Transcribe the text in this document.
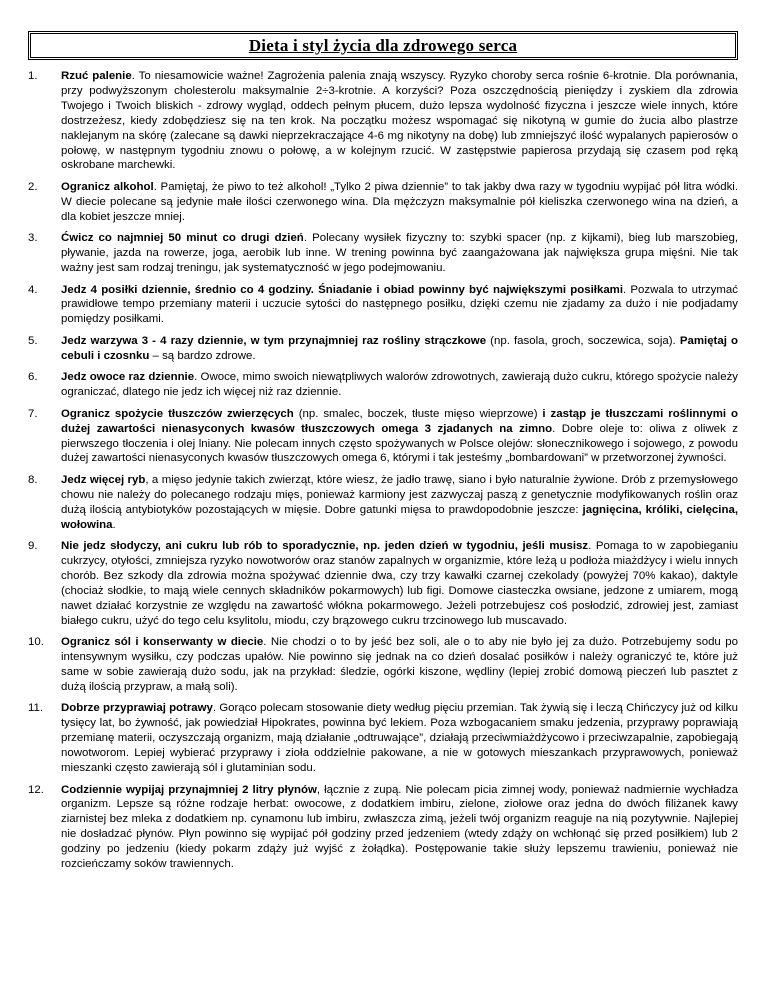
Dieta i styl życia dla zdrowego serca
1. Rzuć palenie. To niesamowicie ważne! Zagrożenia palenia znają wszyscy. Ryzyko choroby serca rośnie 6-krotnie. Dla porównania, przy podwyższonym cholesterolu maksymalnie 2÷3-krotnie. A korzyści? Poza oszczędnością pieniędzy i zyskiem dla zdrowia Twojego i Twoich bliskich - zdrowy wygląd, oddech pełnym płucem, dużo lepsza wydolność fizyczna i jeszcze wiele innych, które dostrzeżesz, kiedy zdobędziesz się na ten krok. Na początku możesz wspomagać się nikotyną w gumie do żucia albo plastrze naklejanym na skórę (zalecane są dawki nieprzekraczające 4-6 mg nikotyny na dobę) lub zmniejszyć ilość wypalanych papierosów o połowę, w następnym tygodniu znowu o połowę, a w kolejnym rzucić. W zastępstwie papierosa przydają się czasem pod ręką oskrobane marchewki.
2. Ogranicz alkohol. Pamiętaj, że piwo to też alkohol! „Tylko 2 piwa dziennie” to tak jakby dwa razy w tygodniu wypijać pół litra wódki. W diecie polecane są jedynie małe ilości czerwonego wina. Dla mężczyzn maksymalnie pół kieliszka czerwonego wina na dzień, a dla kobiet jeszcze mniej.
3. Ćwicz co najmniej 50 minut co drugi dzień. Polecany wysiłek fizyczny to: szybki spacer (np. z kijkami), bieg lub marszobieg, pływanie, jazda na rowerze, joga, aerobik lub inne. W trening powinna być zaangażowana jak największa grupa mięśni. Nie tak ważny jest sam rodzaj treningu, jak systematyczność w jego podejmowaniu.
4. Jedz 4 posiłki dziennie, średnio co 4 godziny. Śniadanie i obiad powinny być największymi posiłkami. Pozwala to utrzymać prawidłowe tempo przemiany materii i uczucie sytości do następnego posiłku, dzięki czemu nie zjadamy za dużo i nie podjadamy pomiędzy posiłkami.
5. Jedz warzywa 3 - 4 razy dziennie, w tym przynajmniej raz rośliny strączkowe (np. fasola, groch, soczewica, soja). Pamiętaj o cebuli i czosnku – są bardzo zdrowe.
6. Jedz owoce raz dziennie. Owoce, mimo swoich niewątpliwych walorów zdrowotnych, zawierają dużo cukru, którego spożycie należy ograniczać, dlatego nie jedz ich więcej niż raz dziennie.
7. Ogranicz spożycie tłuszczów zwierzęcych (np. smalec, boczek, tłuste mięso wieprzowe) i zastąp je tłuszczami roślinnymi o dużej zawartości nienasyconych kwasów tłuszczowych omega 3 zjadanych na zimno. Dobre oleje to: oliwa z oliwek z pierwszego tłoczenia i olej lniany. Nie polecam innych często spożywanych w Polsce olejów: słonecznikowego i sojowego, z powodu dużej zawartości nienasyconych kwasów tłuszczowych omega 6, którymi i tak jesteśmy „bombardowani” w przetworzonej żywności.
8. Jedz więcej ryb, a mięso jedynie takich zwierząt, które wiesz, że jadło trawę, siano i było naturalnie żywione. Drób z przemysłowego chowu nie należy do polecanego rodzaju mięs, ponieważ karmiony jest zazwyczaj paszą z genetycznie modyfikowanych roślin oraz dużą ilością antybiotyków pozostających w mięsie. Dobre gatunki mięsa to prawdopodobnie jeszcze: jagnięcina, króliki, cielęcina, wołowina.
9. Nie jedz słodyczy, ani cukru lub rób to sporadycznie, np. jeden dzień w tygodniu, jeśli musisz. Pomaga to w zapobieganiu cukrzycy, otyłości, zmniejsza ryzyko nowotworów oraz stanów zapalnych w organizmie, które leżą u podłoża miażdżycy i wielu innych chorób. Bez szkody dla zdrowia można spożywać dziennie dwa, czy trzy kawałki czarnej czekolady (powyżej 70% kakao), daktyle (chociaż słodkie, to mają wiele cennych składników pokarmowych) lub figi. Domowe ciasteczka owsiane, jedzone z umiarem, mogą nawet działać korzystnie ze względu na zawartość włókna pokarmowego. Jeżeli potrzebujesz coś posłodzić, zdrowiej jest, zamiast białego cukru, użyć do tego celu ksylitolu, miodu, czy brązowego cukru trzcinowego lub muscavado.
10. Ogranicz sól i konserwanty w diecie. Nie chodzi o to by jeść bez soli, ale o to aby nie było jej za dużo. Potrzebujemy sodu po intensywnym wysiłku, czy podczas upałów. Nie powinno się jednak na co dzień dosalać posiłków i należy ograniczyć te, które już same w sobie zawierają dużo sodu, jak na przykład: śledzie, ogórki kiszone, wędliny (lepiej zrobić domową pieczeń lub pasztet z dużą ilością przypraw, a małą soli).
11. Dobrze przyprawiaj potrawy. Gorąco polecam stosowanie diety według pięciu przemian. Tak żywią się i leczą Chińczycy już od kilku tysięcy lat, bo żywność, jak powiedział Hipokrates, powinna być lekiem. Poza wzbogacaniem smaku jedzenia, przyprawy poprawiają przemianę materii, oczyszczają organizm, mają działanie „odtruwające”, działają przeciwmiażdżycowo i przeciwzapalnie, zapobiegają nowotworom. Lepiej wybierać przyprawy i zioła oddzielnie pakowane, a nie w gotowych mieszankach przyprawowych, ponieważ mieszanki często zawierają sól i glutaminian sodu.
12. Codziennie wypijaj przynajmniej 2 litry płynów, łącznie z zupą. Nie polecam picia zimnej wody, ponieważ nadmiernie wychładza organizm. Lepsze są różne rodzaje herbat: owocowe, z dodatkiem imbiru, zielone, ziołowe oraz jedna do dwóch filiżanek kawy ziarnistej bez mleka z dodatkiem np. cynamonu lub imbiru, zwłaszcza zimą, jeżeli twój organizm reaguje na nią pozytywnie. Najlepiej nie dosładzać płynów. Płyn powinno się wypijać pół godziny przed jedzeniem (wtedy zdąży on wchłonąć się przed posiłkiem) lub 2 godziny po jedzeniu (kiedy pokarm zdąży już wyjść z żołądka). Postępowanie takie służy lepszemu trawieniu, ponieważ nie rozcieńczamy soków trawiennych.
